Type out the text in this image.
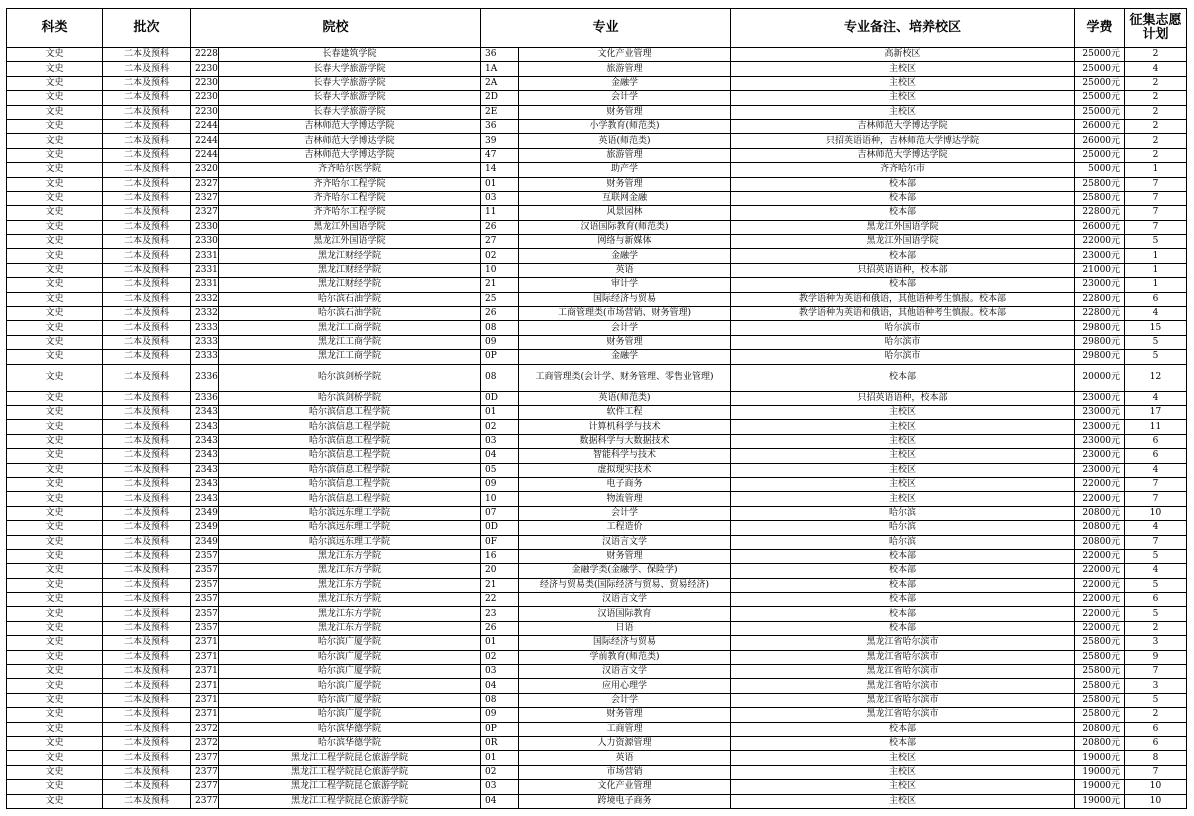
科类	批次	院校		专业		专业备注、培养校区	学费	征集志愿计划
文史	二本及预科	2228	长春建筑学院	36	文化产业管理	高新校区	25000元	2
文史	二本及预科	2230	长春大学旅游学院	1A	旅游管理	主校区	25000元	4
文史	二本及预科	2230	长春大学旅游学院	2A	金融学	主校区	25000元	2
文史	二本及预科	2230	长春大学旅游学院	2D	会计学	主校区	25000元	2
文史	二本及预科	2230	长春大学旅游学院	2E	财务管理	主校区	25000元	2
文史	二本及预科	2244	吉林师范大学博达学院	36	小学教育(师范类)	吉林师范大学博达学院	26000元	2
文史	二本及预科	2244	吉林师范大学博达学院	39	英语(师范类)	只招英语语种，吉林师范大学博达学院	26000元	2
文史	二本及预科	2244	吉林师范大学博达学院	47	旅游管理	吉林师范大学博达学院	25000元	2
文史	二本及预科	2320	齐齐哈尔医学院	14	助产学	齐齐哈尔市	5000元	1
文史	二本及预科	2327	齐齐哈尔工程学院	01	财务管理	校本部	25800元	7
文史	二本及预科	2327	齐齐哈尔工程学院	03	互联网金融	校本部	25800元	7
文史	二本及预科	2327	齐齐哈尔工程学院	11	风景园林	校本部	22800元	7
文史	二本及预科	2330	黑龙江外国语学院	26	汉语国际教育(师范类)	黑龙江外国语学院	26000元	7
文史	二本及预科	2330	黑龙江外国语学院	27	网络与新媒体	黑龙江外国语学院	22000元	5
文史	二本及预科	2331	黑龙江财经学院	02	金融学	校本部	23000元	1
文史	二本及预科	2331	黑龙江财经学院	10	英语	只招英语语种，校本部	21000元	1
文史	二本及预科	2331	黑龙江财经学院	21	审计学	校本部	23000元	1
文史	二本及预科	2332	哈尔滨石油学院	25	国际经济与贸易	教学语种为英语和俄语，其他语种考生慎报。校本部	22800元	6
文史	二本及预科	2332	哈尔滨石油学院	26	工商管理类(市场营销、财务管理)	教学语种为英语和俄语，其他语种考生慎报。校本部	22800元	4
文史	二本及预科	2333	黑龙江工商学院	08	会计学	哈尔滨市	29800元	15
文史	二本及预科	2333	黑龙江工商学院	09	财务管理	哈尔滨市	29800元	5
文史	二本及预科	2333	黑龙江工商学院	0P	金融学	哈尔滨市	29800元	5
文史	二本及预科	2336	哈尔滨剑桥学院	08	工商管理类(会计学、财务管理、零售业管理)	校本部	20000元	12
文史	二本及预科	2336	哈尔滨剑桥学院	0D	英语(师范类)	只招英语语种，校本部	23000元	4
文史	二本及预科	2343	哈尔滨信息工程学院	01	软件工程	主校区	23000元	17
文史	二本及预科	2343	哈尔滨信息工程学院	02	计算机科学与技术	主校区	23000元	11
文史	二本及预科	2343	哈尔滨信息工程学院	03	数据科学与大数据技术	主校区	23000元	6
文史	二本及预科	2343	哈尔滨信息工程学院	04	智能科学与技术	主校区	23000元	6
文史	二本及预科	2343	哈尔滨信息工程学院	05	虚拟现实技术	主校区	23000元	4
文史	二本及预科	2343	哈尔滨信息工程学院	09	电子商务	主校区	22000元	7
文史	二本及预科	2343	哈尔滨信息工程学院	10	物流管理	主校区	22000元	7
文史	二本及预科	2349	哈尔滨远东理工学院	07	会计学	哈尔滨	20800元	10
文史	二本及预科	2349	哈尔滨远东理工学院	0D	工程造价	哈尔滨	20800元	4
文史	二本及预科	2349	哈尔滨远东理工学院	0F	汉语言文学	哈尔滨	20800元	7
文史	二本及预科	2357	黑龙江东方学院	16	财务管理	校本部	22000元	5
文史	二本及预科	2357	黑龙江东方学院	20	金融学类(金融学、保险学)	校本部	22000元	4
文史	二本及预科	2357	黑龙江东方学院	21	经济与贸易类(国际经济与贸易、贸易经济)	校本部	22000元	5
文史	二本及预科	2357	黑龙江东方学院	22	汉语言文学	校本部	22000元	6
文史	二本及预科	2357	黑龙江东方学院	23	汉语国际教育	校本部	22000元	5
文史	二本及预科	2357	黑龙江东方学院	26	日语	校本部	22000元	2
文史	二本及预科	2371	哈尔滨广厦学院	01	国际经济与贸易	黑龙江省哈尔滨市	25800元	3
文史	二本及预科	2371	哈尔滨广厦学院	02	学前教育(师范类)	黑龙江省哈尔滨市	25800元	9
文史	二本及预科	2371	哈尔滨广厦学院	03	汉语言文学	黑龙江省哈尔滨市	25800元	7
文史	二本及预科	2371	哈尔滨广厦学院	04	应用心理学	黑龙江省哈尔滨市	25800元	3
文史	二本及预科	2371	哈尔滨广厦学院	08	会计学	黑龙江省哈尔滨市	25800元	5
文史	二本及预科	2371	哈尔滨广厦学院	09	财务管理	黑龙江省哈尔滨市	25800元	2
文史	二本及预科	2372	哈尔滨华德学院	0P	工商管理	校本部	20800元	6
文史	二本及预科	2372	哈尔滨华德学院	0R	人力资源管理	校本部	20800元	6
文史	二本及预科	2377	黑龙江工程学院昆仑旅游学院	01	英语	主校区	19000元	8
文史	二本及预科	2377	黑龙江工程学院昆仑旅游学院	02	市场营销	主校区	19000元	7
文史	二本及预科	2377	黑龙江工程学院昆仑旅游学院	03	文化产业管理	主校区	19000元	10
文史	二本及预科	2377	黑龙江工程学院昆仑旅游学院	04	跨境电子商务	主校区	19000元	10
